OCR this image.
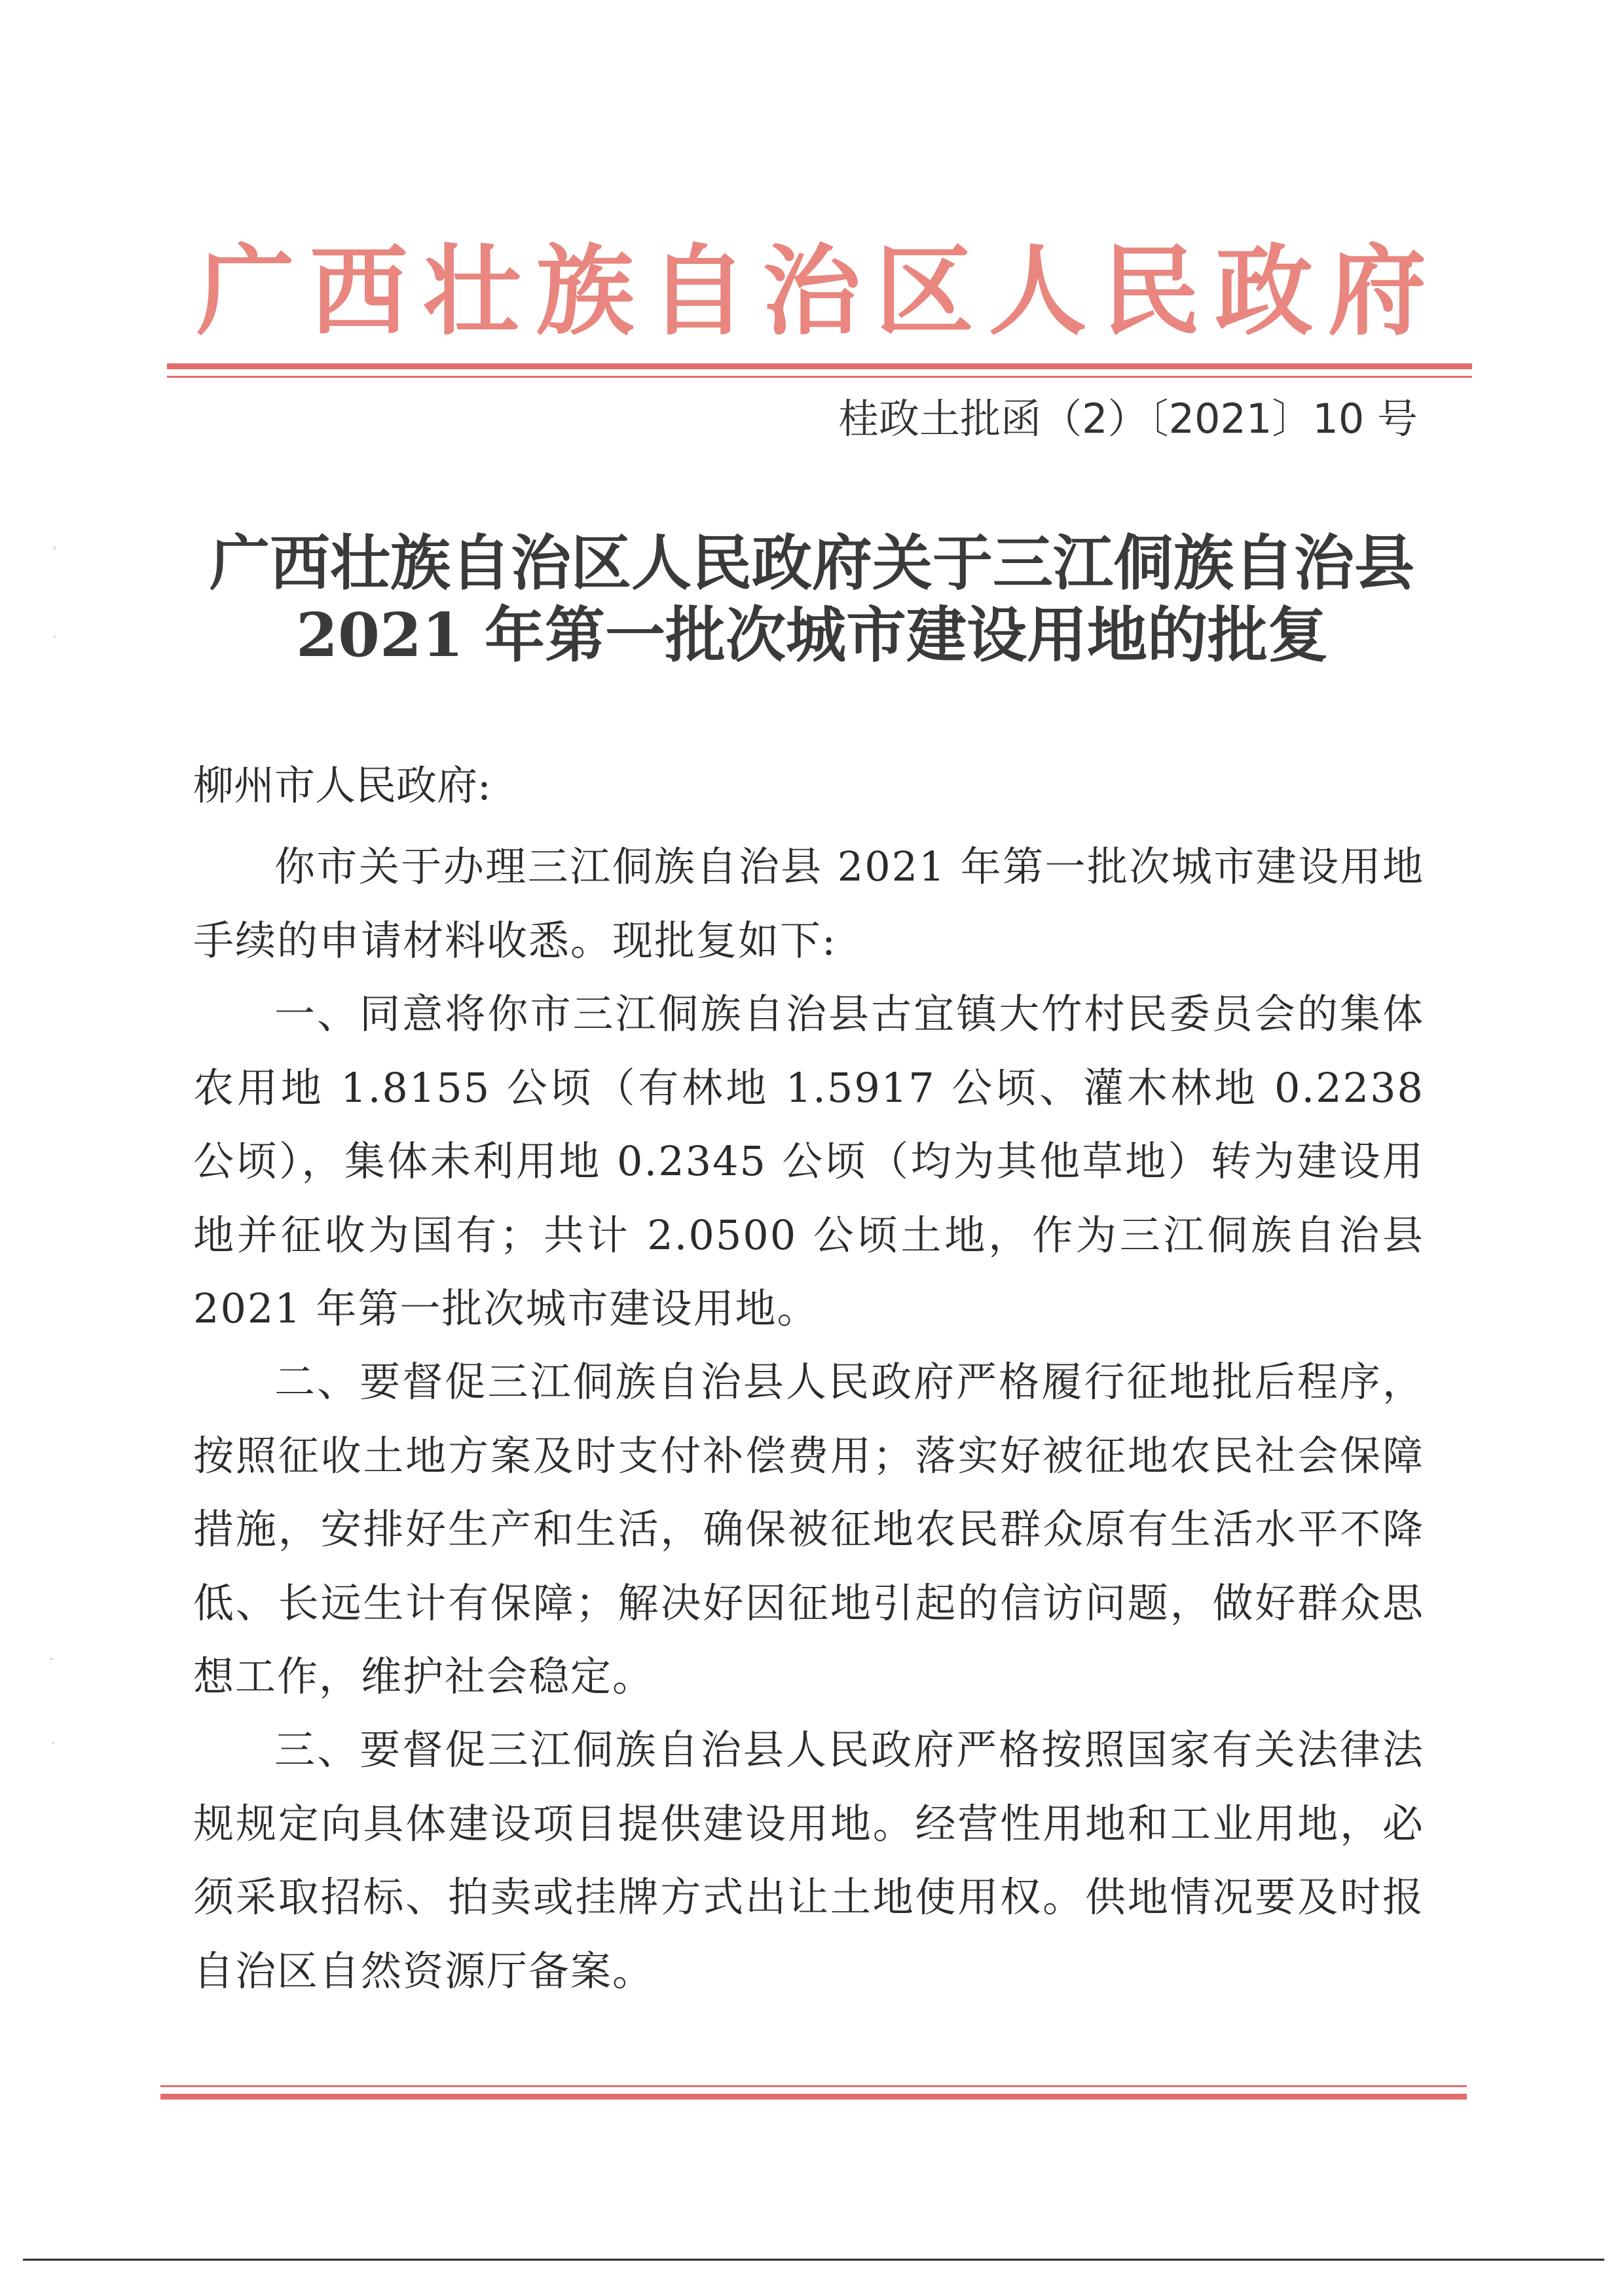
广西壮族自治区人民政府
桂政土批函（2）〔2021〕10 号
‘
·
-
·
广西壮族自治区人民政府关于三江侗族自治县
2021 年第一批次城市建设用地的批复
柳州市人民政府:

你市关于办理三江侗族自治县 2021 年第一批次城市建设用地手续的申请材料收悉。现批复如下:

一、同意将你市三江侗族自治县古宜镇大竹村民委员会的集体农用地 1.8155 公顷（有林地 1.5917 公顷、灌木林地 0.2238 公顷），集体未利用地 0.2345 公顷（均为其他草地）转为建设用地并征收为国有；共计 2.0500 公顷土地，作为三江侗族自治县 2021 年第一批次城市建设用地。

二、要督促三江侗族自治县人民政府严格履行征地批后程序，按照征收土地方案及时支付补偿费用；落实好被征地农民社会保障措施，安排好生产和生活，确保被征地农民群众原有生活水平不降低、长远生计有保障；解决好因征地引起的信访问题，做好群众思想工作，维护社会稳定。

三、要督促三江侗族自治县人民政府严格按照国家有关法律法规规定向具体建设项目提供建设用地。经营性用地和工业用地，必须采取招标、拍卖或挂牌方式出让土地使用权。供地情况要及时报自治区自然资源厅备案。
